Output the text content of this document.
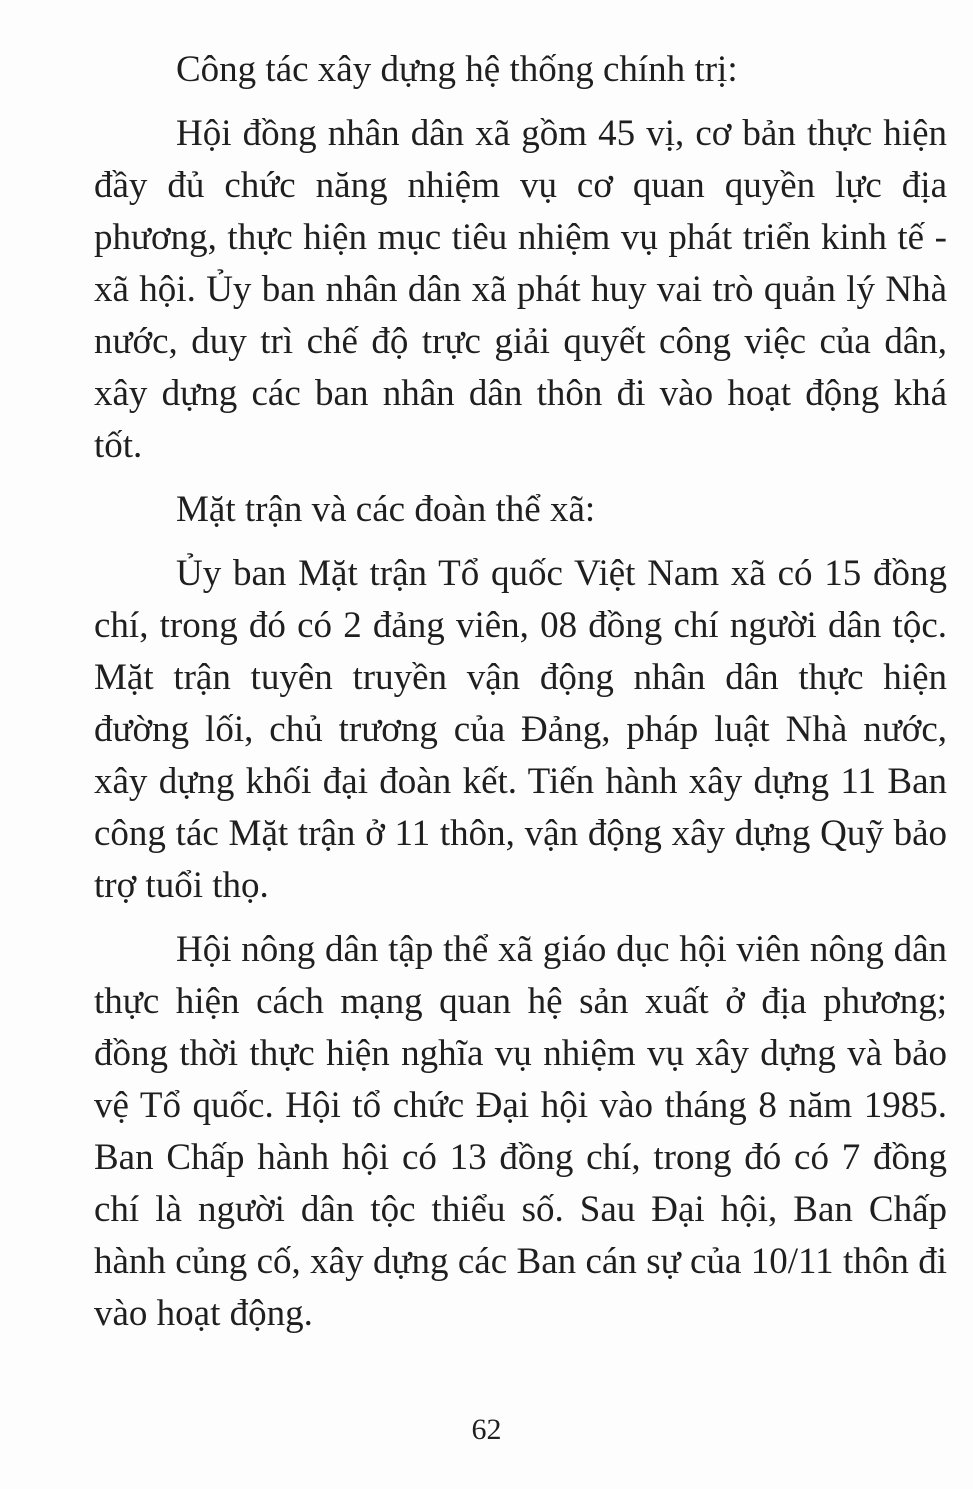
Công tác xây dựng hệ thống chính trị:

Hội đồng nhân dân xã gồm 45 vị, cơ bản thực hiện đầy đủ chức năng nhiệm vụ cơ quan quyền lực địa phương, thực hiện mục tiêu nhiệm vụ phát triển kinh tế - xã hội. Ủy ban nhân dân xã phát huy vai trò quản lý Nhà nước, duy trì chế độ trực giải quyết công việc của dân, xây dựng các ban nhân dân thôn đi vào hoạt động khá tốt.

Mặt trận và các đoàn thể xã:

Ủy ban Mặt trận Tổ quốc Việt Nam xã có 15 đồng chí, trong đó có 2 đảng viên, 08 đồng chí người dân tộc. Mặt trận tuyên truyền vận động nhân dân thực hiện đường lối, chủ trương của Đảng, pháp luật Nhà nước, xây dựng khối đại đoàn kết. Tiến hành xây dựng 11 Ban công tác Mặt trận ở 11 thôn, vận động xây dựng Quỹ bảo trợ tuổi thọ.

Hội nông dân tập thể xã giáo dục hội viên nông dân thực hiện cách mạng quan hệ sản xuất ở địa phương; đồng thời thực hiện nghĩa vụ nhiệm vụ xây dựng và bảo vệ Tổ quốc. Hội tổ chức Đại hội vào tháng 8 năm 1985. Ban Chấp hành hội có 13 đồng chí, trong đó có 7 đồng chí là người dân tộc thiểu số. Sau Đại hội, Ban Chấp hành củng cố, xây dựng các Ban cán sự của 10/11 thôn đi vào hoạt động.

62
